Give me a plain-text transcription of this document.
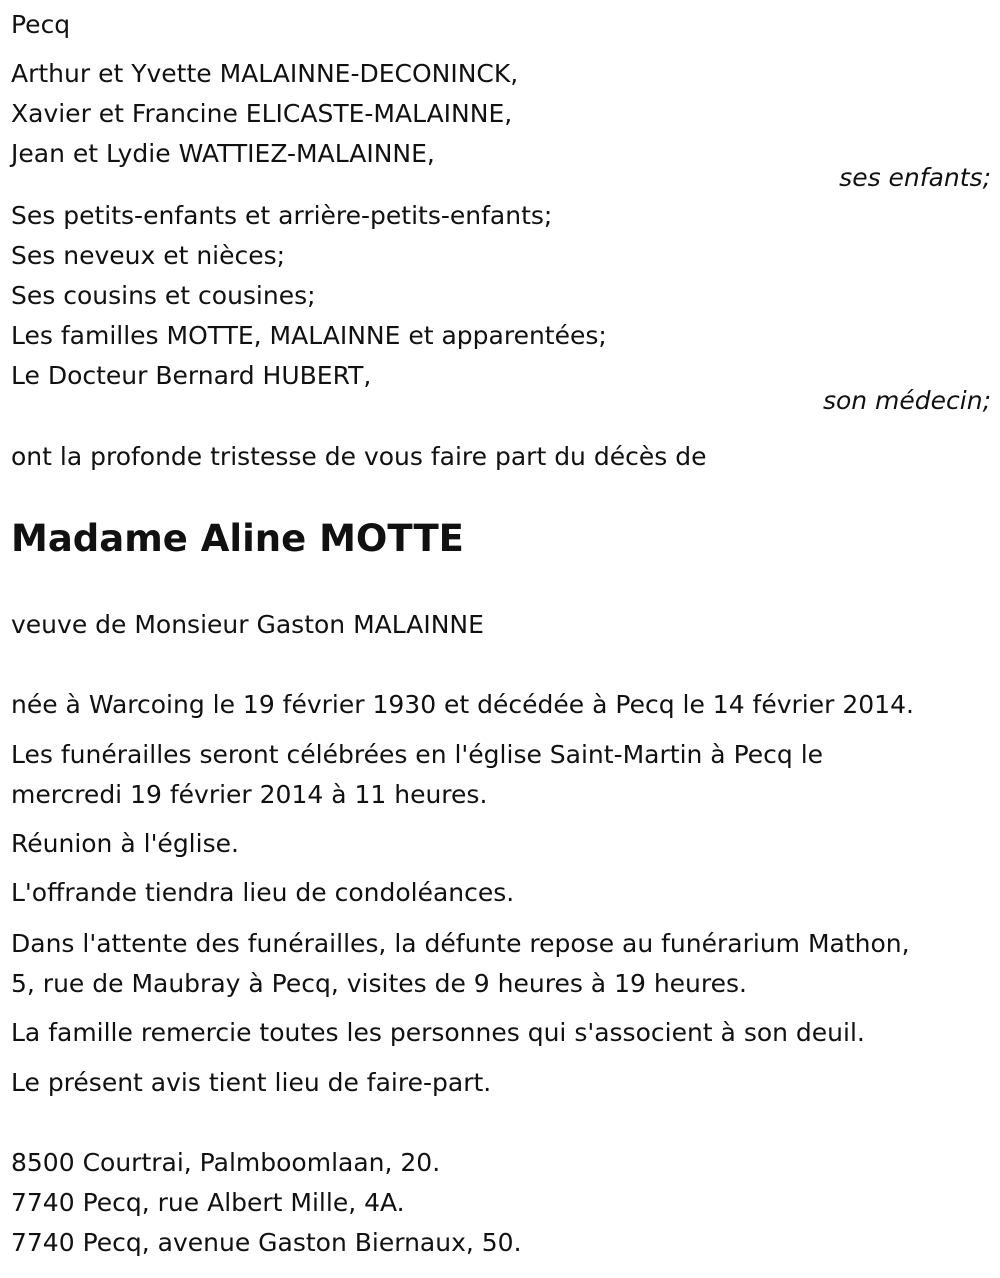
Pecq
Arthur et Yvette MALAINNE-DECONINCK,
Xavier et Francine ELICASTE-MALAINNE,
Jean et Lydie WATTIEZ-MALAINNE,
ses enfants;
Ses petits-enfants et arrière-petits-enfants;
Ses neveux et nièces;
Ses cousins et cousines;
Les familles MOTTE, MALAINNE et apparentées;
Le Docteur Bernard HUBERT,
son médecin;
ont la profonde tristesse de vous faire part du décès de
Madame Aline MOTTE
veuve de Monsieur Gaston MALAINNE
née à Warcoing le 19 février 1930 et décédée à Pecq le 14 février 2014.
Les funérailles seront célébrées en l'église Saint-Martin à Pecq le
mercredi 19 février 2014 à 11 heures.
Réunion à l'église.
L'offrande tiendra lieu de condoléances.
Dans l'attente des funérailles, la défunte repose au funérarium Mathon,
5, rue de Maubray à Pecq, visites de 9 heures à 19 heures.
La famille remercie toutes les personnes qui s'associent à son deuil.
Le présent avis tient lieu de faire-part.
8500 Courtrai, Palmboomlaan, 20.
7740 Pecq, rue Albert Mille, 4A.
7740 Pecq, avenue Gaston Biernaux, 50.
